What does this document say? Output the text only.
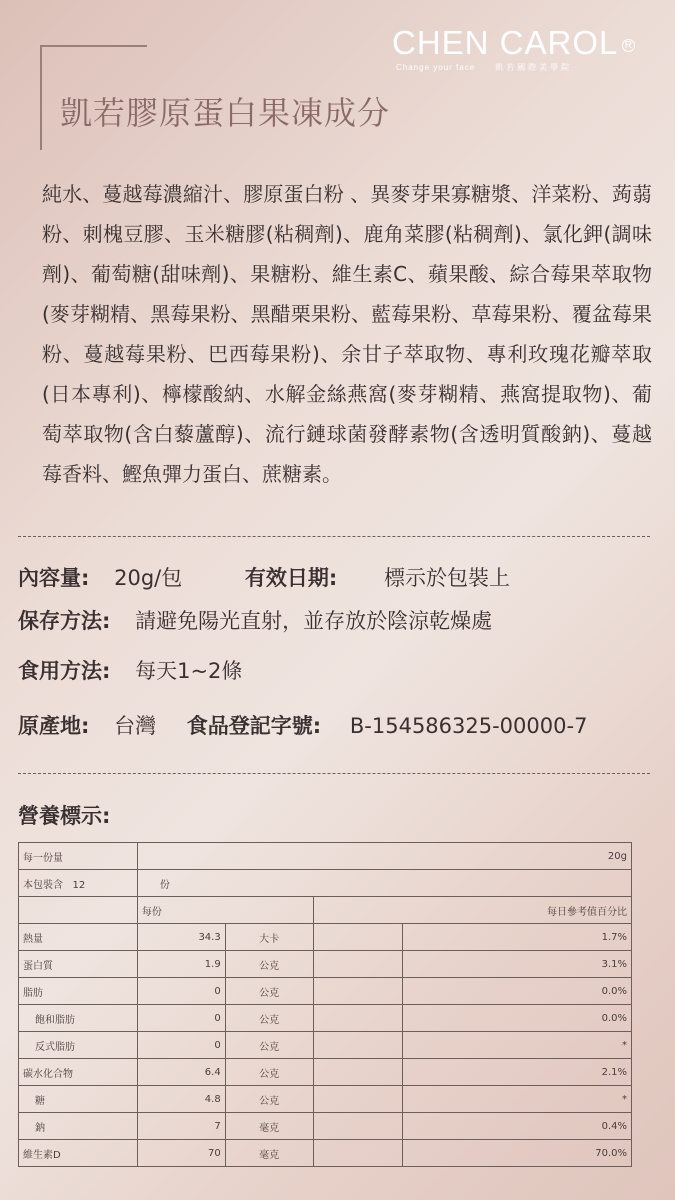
CHEN CAROL R
Change your face	凱若國際美學院
凱若膠原蛋白果凍成分
純水、蔓越莓濃縮汁、膠原蛋白粉 、異麥芽果寡糖漿、洋菜粉、蒟蒻粉、刺槐豆膠、玉米糖膠(粘稠劑)、鹿角菜膠(粘稠劑)、氯化鉀(調味劑)、葡萄糖(甜味劑)、果糖粉、維生素C、蘋果酸、綜合莓果萃取物(麥芽糊精、黑莓果粉、黑醋栗果粉、藍莓果粉、草莓果粉、覆盆莓果粉、蔓越莓果粉、巴西莓果粉)、余甘子萃取物、專利玫瑰花瓣萃取(日本專利)、檸檬酸納、水解金絲燕窩(麥芽糊精、燕窩提取物)、葡萄萃取物(含白藜蘆醇)、流行鏈球菌發酵素物(含透明質酸鈉)、蔓越莓香料、鰹魚彈力蛋白、蔗糖素。
內容量: 20g/包	有效日期: 標示於包裝上
保存方法: 請避免陽光直射，並存放於陰涼乾燥處
食用方法: 每天1~2條
原產地: 台灣 食品登記字號: B-154586325-00000-7
營養標示:
每一份量	20g			
本包裝含 12	份			
	每份		每日參考值百分比	
熱量	34.3	大卡		1.7%
蛋白質	1.9	公克		3.1%
脂肪	0	公克		0.0%
飽和脂肪	0	公克		0.0%
反式脂肪	0	公克		*
碳水化合物	6.4	公克		2.1%
糖	4.8	公克		*
鈉	7	毫克		0.4%
維生素D	70	毫克		70.0%
